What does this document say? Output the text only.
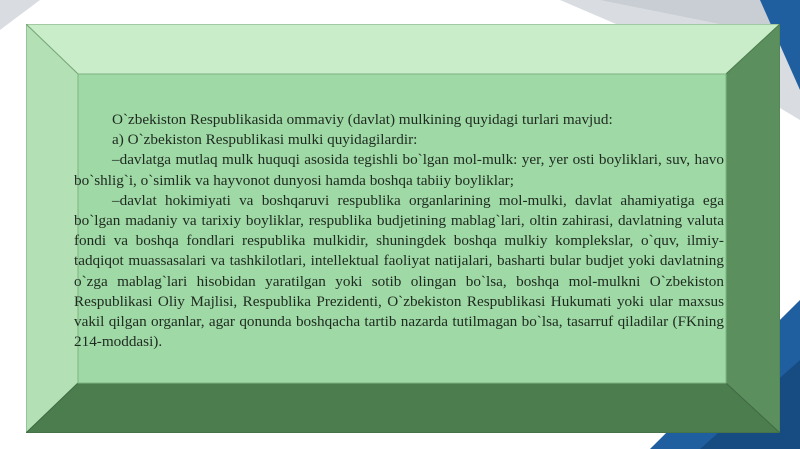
O`zbekiston Respublikasida ommaviy (davlat) mulkining quyidagi turlari mavjud:

a) O`zbekiston Respublikasi mulki quyidagilardir:

–davlatga mutlaq mulk huquqi asosida tegishli bo`lgan mol-mulk: yer, yer osti boyliklari, suv, havo bo`shlig`i, o`simlik va hayvonot dunyosi hamda boshqa tabiiy boyliklar;

–davlat hokimiyati va boshqaruvi respublika organlarining mol-mulki, davlat ahamiyatiga ega bo`lgan madaniy va tarixiy boyliklar, respublika budjetining mablag`lari, oltin zahirasi, davlatning valuta fondi va boshqa fondlari respublika mulkidir, shuningdek boshqa mulkiy komplekslar, o`quv, ilmiy-tadqiqot muassasalari va tashkilotlari, intellektual faoliyat natijalari, basharti bular budjet yoki davlatning o`zga mablag`lari hisobidan yaratilgan yoki sotib olingan bo`lsa, boshqa mol-mulkni O`zbekiston Respublikasi Oliy Majlisi, Respublika Prezidenti, O`zbekiston Respublikasi Hukumati yoki ular maxsus vakil qilgan organlar, agar qonunda boshqacha tartib nazarda tutilmagan bo`lsa, tasarruf qiladilar (FKning 214-moddasi).
